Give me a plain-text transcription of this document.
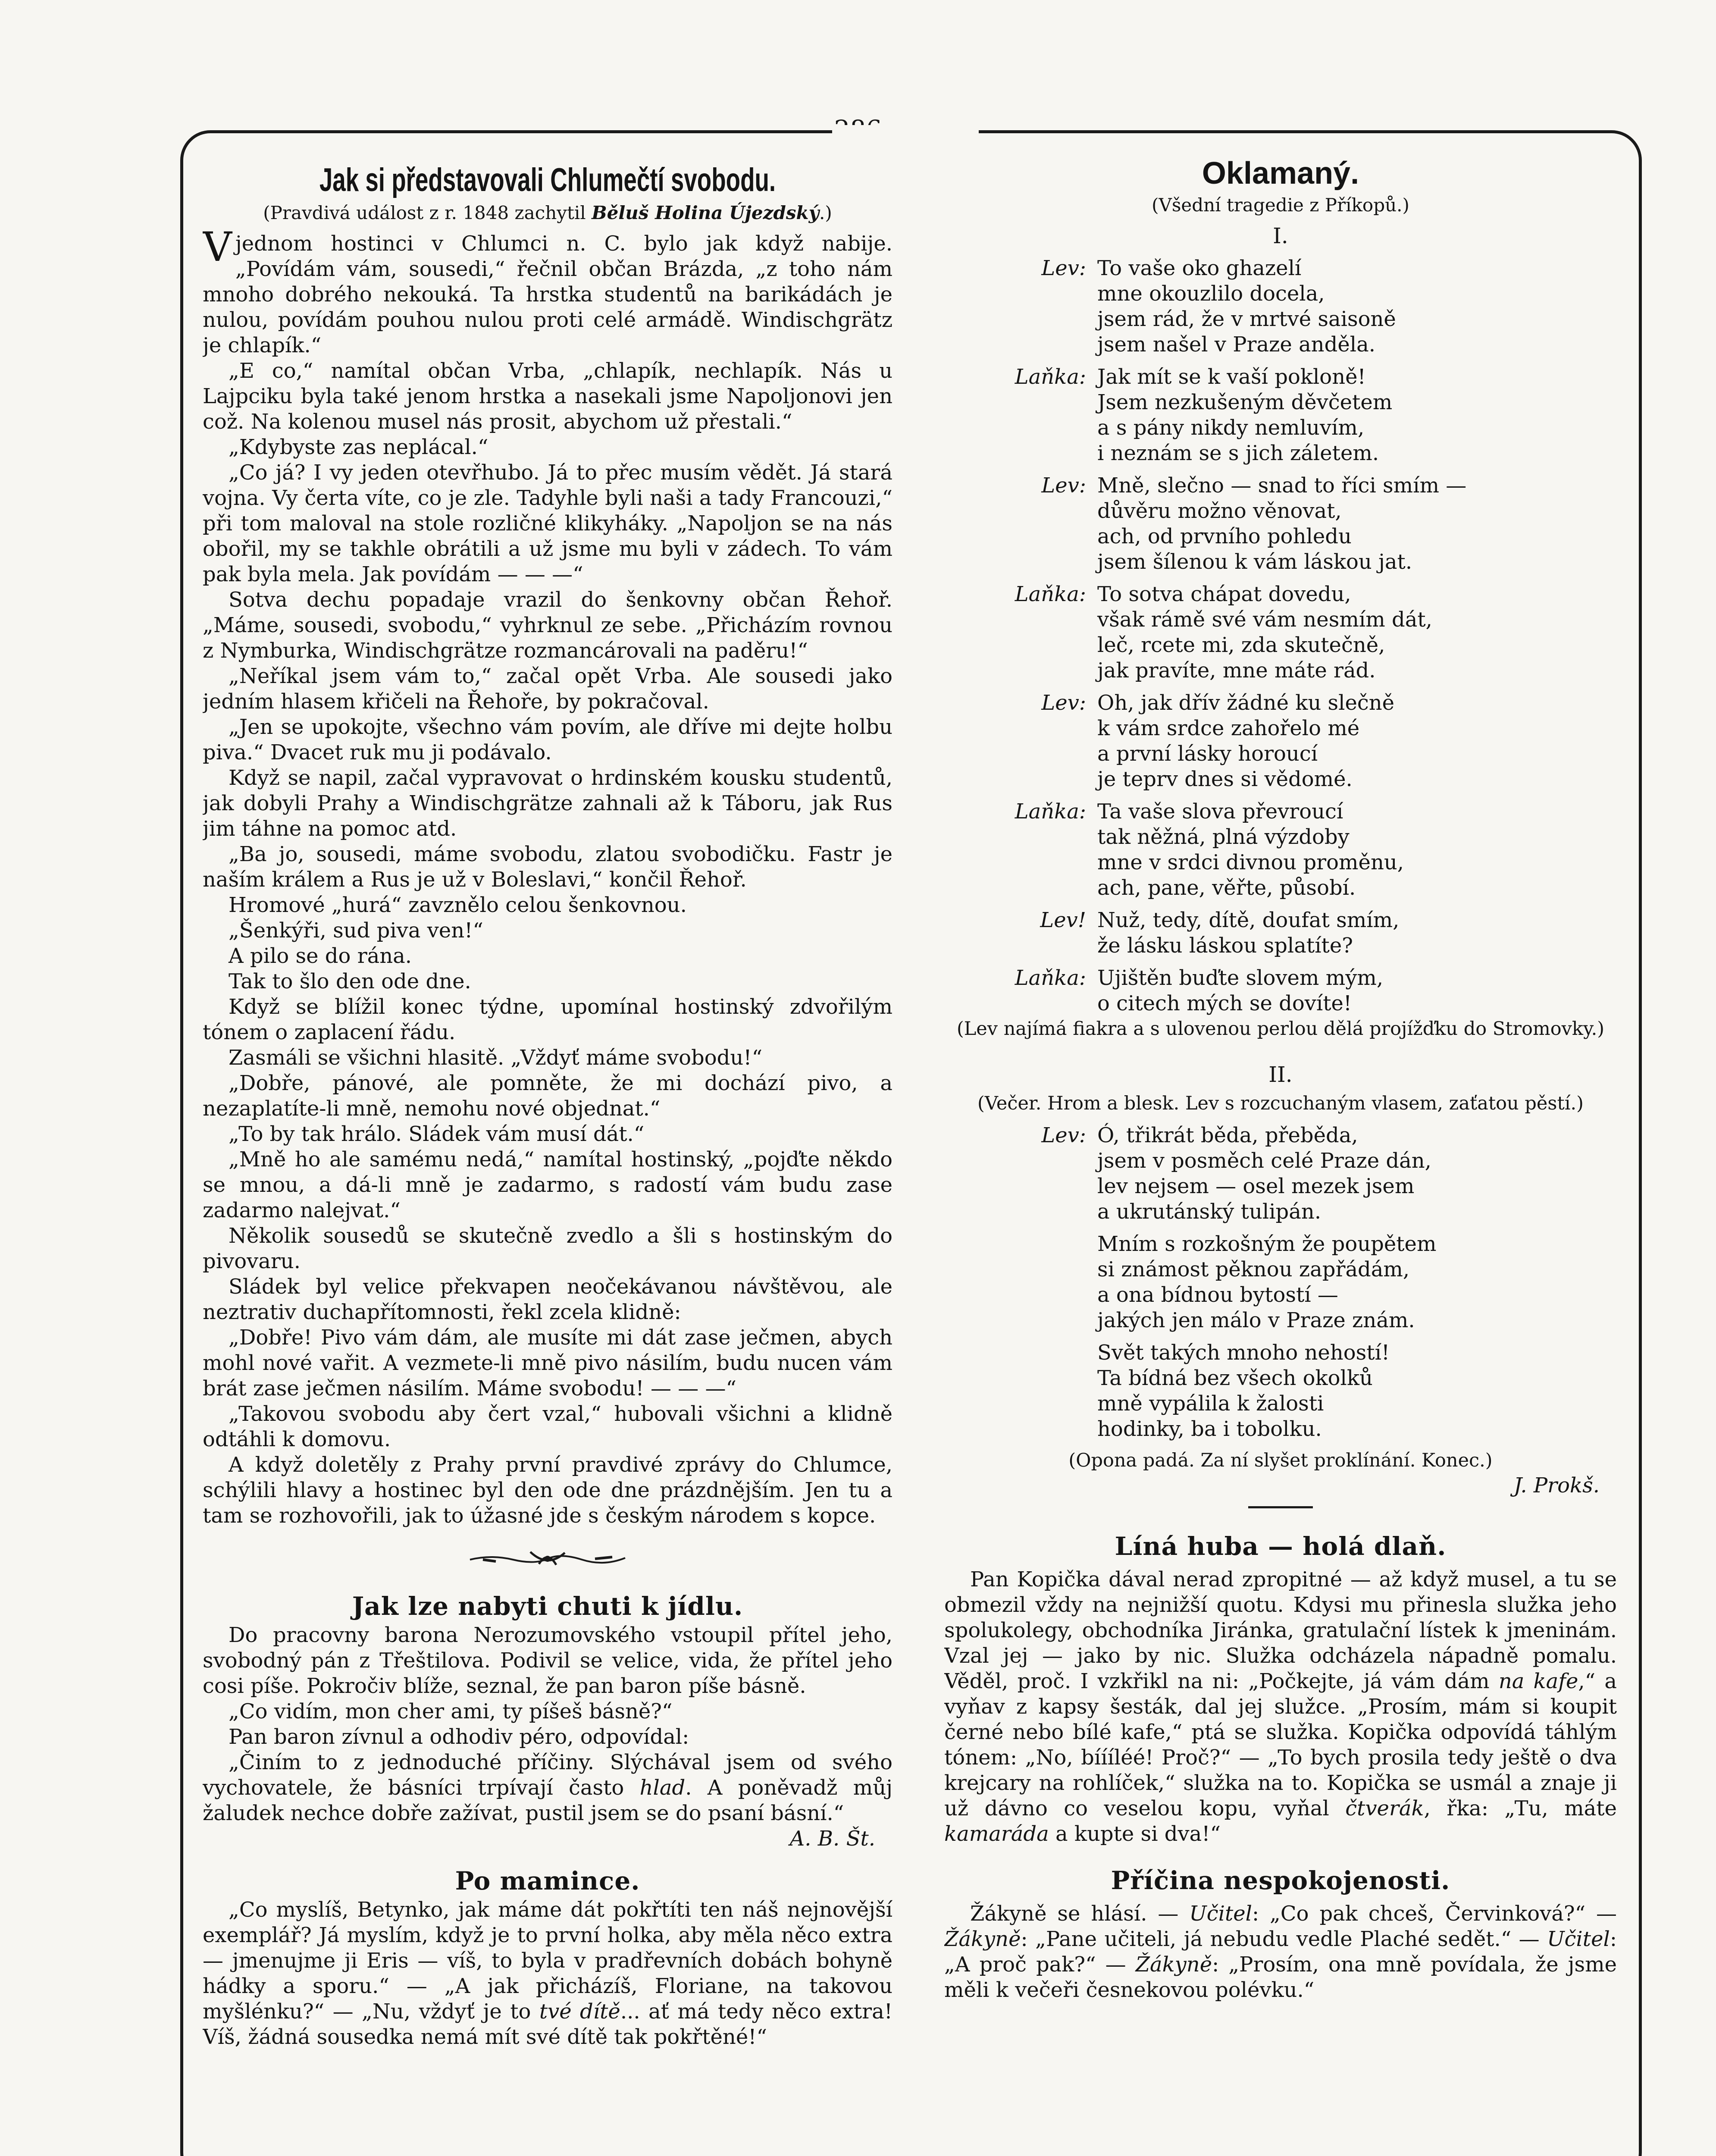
Jak si představovali Chlumečtí svobodu.

(Pravdivá událost z r. 1848 zachytil Běluš Holina Újezdský.)

Vjednom hostinci v Chlumci n. C. bylo jak když nabije. „Povídám vám, sousedi,“ řečnil občan Brázda, „z toho nám mnoho dobrého nekouká. Ta hrstka studentů na barikádách je nulou, povídám pouhou nulou proti celé armádě. Windischgrätz je chlapík.“

„E co,“ namítal občan Vrba, „chlapík, nechlapík. Nás u Lajpciku byla také jenom hrstka a nasekali jsme Napoljonovi jen což. Na kolenou musel nás prosit, abychom už přestali.“

„Kdybyste zas neplácal.“

„Co já? I vy jeden otevřhubo. Já to přec musím vědět. Já stará vojna. Vy čerta víte, co je zle. Tadyhle byli naši a tady Francouzi,“ při tom maloval na stole rozličné klikyháky. „Napoljon se na nás obořil, my se takhle obrátili a už jsme mu byli v zádech. To vám pak byla mela. Jak povídám — — —“

Sotva dechu popadaje vrazil do šenkovny občan Řehoř. „Máme, sousedi, svobodu,“ vyhrknul ze sebe. „Přicházím rovnou z Nymburka, Windischgrätze rozmancárovali na paděru!“

„Neříkal jsem vám to,“ začal opět Vrba. Ale sousedi jako jedním hlasem křičeli na Řehoře, by pokračoval.

„Jen se upokojte, všechno vám povím, ale dříve mi dejte holbu piva.“ Dvacet ruk mu ji podávalo.

Když se napil, začal vypravovat o hrdinském kousku studentů, jak dobyli Prahy a Windischgrätze zahnali až k Táboru, jak Rus jim táhne na pomoc atd.

„Ba jo, sousedi, máme svobodu, zlatou svobodičku. Fastr je naším králem a Rus je už v Boleslavi,“ končil Řehoř.

Hromové „hurá“ zavznělo celou šenkovnou.

„Šenkýři, sud piva ven!“

A pilo se do rána.

Tak to šlo den ode dne.

Když se blížil konec týdne, upomínal hostinský zdvořilým tónem o zaplacení řádu.

Zasmáli se všichni hlasitě. „Vždyť máme svobodu!“

„Dobře, pánové, ale pomněte, že mi dochází pivo, a nezaplatíte-li mně, nemohu nové objednat.“

„To by tak hrálo. Sládek vám musí dát.“

„Mně ho ale samému nedá,“ namítal hostinský, „pojďte někdo se mnou, a dá-li mně je zadarmo, s radostí vám budu zase zadarmo nalejvat.“

Několik sousedů se skutečně zvedlo a šli s hostinským do pivovaru.

Sládek byl velice překvapen neočekávanou návštěvou, ale neztrativ duchapřítomnosti, řekl zcela klidně:

„Dobře! Pivo vám dám, ale musíte mi dát zase ječmen, abych mohl nové vařit. A vezmete-li mně pivo násilím, budu nucen vám brát zase ječmen násilím. Máme svobodu! — — —“

„Takovou svobodu aby čert vzal,“ hubovali všichni a klidně odtáhli k domovu.

A když doletěly z Prahy první pravdivé zprávy do Chlumce, schýlili hlavy a hostinec byl den ode dne prázdnějším. Jen tu a tam se rozhovořili, jak to úžasné jde s českým národem s kopce.

Jak lze nabyti chuti k jídlu.

Do pracovny barona Nerozumovského vstoupil přítel jeho, svobodný pán z Třeštilova. Podivil se velice, vida, že přítel jeho cosi píše. Pokročiv blíže, seznal, že pan baron píše básně.

„Co vidím, mon cher ami, ty píšeš básně?“

Pan baron zívnul a odhodiv péro, odpovídal:

„Činím to z jednoduché příčiny. Slýchával jsem od svého vychovatele, že básníci trpívají často hlad. A poněvadž můj žaludek nechce dobře zažívat, pustil jsem se do psaní básní.“

A. B. Št.

Po mamince.

„Co myslíš, Betynko, jak máme dát pokřtíti ten náš nejnovější exemplář? Já myslím, když je to první holka, aby měla něco extra — jmenujme ji Eris — víš, to byla v pradřevních dobách bohyně hádky a sporu.“ — „A jak přicházíš, Floriane, na takovou myšlénku?“ — „Nu, vždyť je to tvé dítě... ať má tedy něco extra! Víš, žádná sousedka nemá mít své dítě tak pokřtěné!“

Oklamaný.

(Všední tragedie z Příkopů.)

I.

Lev: To vaše oko ghazelí
mne okouzlilo docela,
jsem rád, že v mrtvé saisoně
jsem našel v Praze anděla.
Laňka: Jak mít se k vaší pokloně!
Jsem nezkušeným děvčetem
a s pány nikdy nemluvím,
i neznám se s jich záletem.
Lev: Mně, slečno — snad to říci smím —
důvěru možno věnovat,
ach, od prvního pohledu
jsem šílenou k vám láskou jat.
Laňka: To sotva chápat dovedu,
však rámě své vám nesmím dát,
leč, rcete mi, zda skutečně,
jak pravíte, mne máte rád.
Lev: Oh, jak dřív žádné ku slečně
k vám srdce zahořelo mé
a první lásky horoucí
je teprv dnes si vědomé.
Laňka: Ta vaše slova převroucí
tak něžná, plná výzdoby
mne v srdci divnou proměnu,
ach, pane, věřte, působí.
Lev! Nuž, tedy, dítě, doufat smím,
že lásku láskou splatíte?
Laňka: Ujištěn buďte slovem mým,
o citech mých se dovíte!

(Lev najímá fiakra a s ulovenou perlou dělá projížďku do Stromovky.)

II.

(Večer. Hrom a blesk. Lev s rozcuchaným vlasem, zaťatou pěstí.)

Lev: Ó, třikrát běda, přeběda,
jsem v posměch celé Praze dán,
lev nejsem — osel mezek jsem
a ukrutánský tulipán.
Mním s rozkošným že poupětem
si známost pěknou zapřádám,
a ona bídnou bytostí —
jakých jen málo v Praze znám.
Svět takých mnoho nehostí!
Ta bídná bez všech okolků
mně vypálila k žalosti
hodinky, ba i tobolku.

(Opona padá. Za ní slyšet proklínání. Konec.)

J. Prokš.

Líná huba — holá dlaň.

Pan Kopička dával nerad zpropitné — až když musel, a tu se obmezil vždy na nejnižší quotu. Kdysi mu přinesla služka jeho spolukolegy, obchodníka Jiránka, gratulační lístek k jmeninám. Vzal jej — jako by nic. Služka odcházela nápadně pomalu. Věděl, proč. I vzkřikl na ni: „Počkejte, já vám dám na kafe,“ a vyňav z kapsy šesták, dal jej služce. „Prosím, mám si koupit černé nebo bílé kafe,“ ptá se služka. Kopička odpovídá táhlým tónem: „No, bíííléé! Proč?“ — „To bych prosila tedy ještě o dva krejcary na rohlíček,“ služka na to. Kopička se usmál a znaje ji už dávno co veselou kopu, vyňal čtverák, řka: „Tu, máte kamaráda a kupte si dva!“

Příčina nespokojenosti.

Žákyně se hlásí. — Učitel: „Co pak chceš, Červinková?“ — Žákyně: „Pane učiteli, já nebudu vedle Plaché sedět.“ — Učitel: „A proč pak?“ — Žákyně: „Prosím, ona mně povídala, že jsme měli k večeři česnekovou polévku.“
